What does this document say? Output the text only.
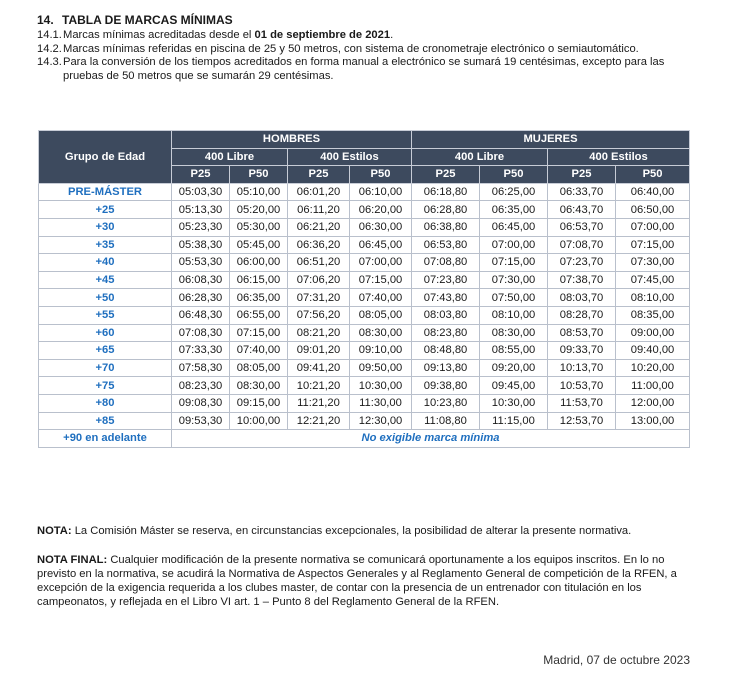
14. TABLA DE MARCAS MÍNIMAS
14.1. Marcas mínimas acreditadas desde el 01 de septiembre de 2021.
14.2. Marcas mínimas referidas en piscina de 25 y 50 metros, con sistema de cronometraje electrónico o semiautomático.
14.3. Para la conversión de los tiempos acreditados en forma manual a electrónico se sumará 19 centésimas, excepto para las pruebas de 50 metros que se sumarán 29 centésimas.
Grupo de Edad	HOMBRES				MUJERES			
	400 Libre		400 Estilos		400 Libre		400 Estilos	
	P25	P50	P25	P50	P25	P50	P25	P50
PRE-MÁSTER	05:03,30	05:10,00	06:01,20	06:10,00	06:18,80	06:25,00	06:33,70	06:40,00
+25	05:13,30	05:20,00	06:11,20	06:20,00	06:28,80	06:35,00	06:43,70	06:50,00
+30	05:23,30	05:30,00	06:21,20	06:30,00	06:38,80	06:45,00	06:53,70	07:00,00
+35	05:38,30	05:45,00	06:36,20	06:45,00	06:53,80	07:00,00	07:08,70	07:15,00
+40	05:53,30	06:00,00	06:51,20	07:00,00	07:08,80	07:15,00	07:23,70	07:30,00
+45	06:08,30	06:15,00	07:06,20	07:15,00	07:23,80	07:30,00	07:38,70	07:45,00
+50	06:28,30	06:35,00	07:31,20	07:40,00	07:43,80	07:50,00	08:03,70	08:10,00
+55	06:48,30	06:55,00	07:56,20	08:05,00	08:03,80	08:10,00	08:28,70	08:35,00
+60	07:08,30	07:15,00	08:21,20	08:30,00	08:23,80	08:30,00	08:53,70	09:00,00
+65	07:33,30	07:40,00	09:01,20	09:10,00	08:48,80	08:55,00	09:33,70	09:40,00
+70	07:58,30	08:05,00	09:41,20	09:50,00	09:13,80	09:20,00	10:13,70	10:20,00
+75	08:23,30	08:30,00	10:21,20	10:30,00	09:38,80	09:45,00	10:53,70	11:00,00
+80	09:08,30	09:15,00	11:21,20	11:30,00	10:23,80	10:30,00	11:53,70	12:00,00
+85	09:53,30	10:00,00	12:21,20	12:30,00	11:08,80	11:15,00	12:53,70	13:00,00
+90 en adelante	No exigible marca mínima							
NOTA: La Comisión Máster se reserva, en circunstancias excepcionales, la posibilidad de alterar la presente normativa.
NOTA FINAL: Cualquier modificación de la presente normativa se comunicará oportunamente a los equipos inscritos. En lo no previsto en la normativa, se acudirá la Normativa de Aspectos Generales y al Reglamento General de competición de la RFEN, a excepción de la exigencia requerida a los clubes master, de contar con la presencia de un entrenador con titulación en los campeonatos, y reflejada en el Libro VI art. 1 – Punto 8 del Reglamento General de la RFEN.
Madrid, 07 de octubre 2023
